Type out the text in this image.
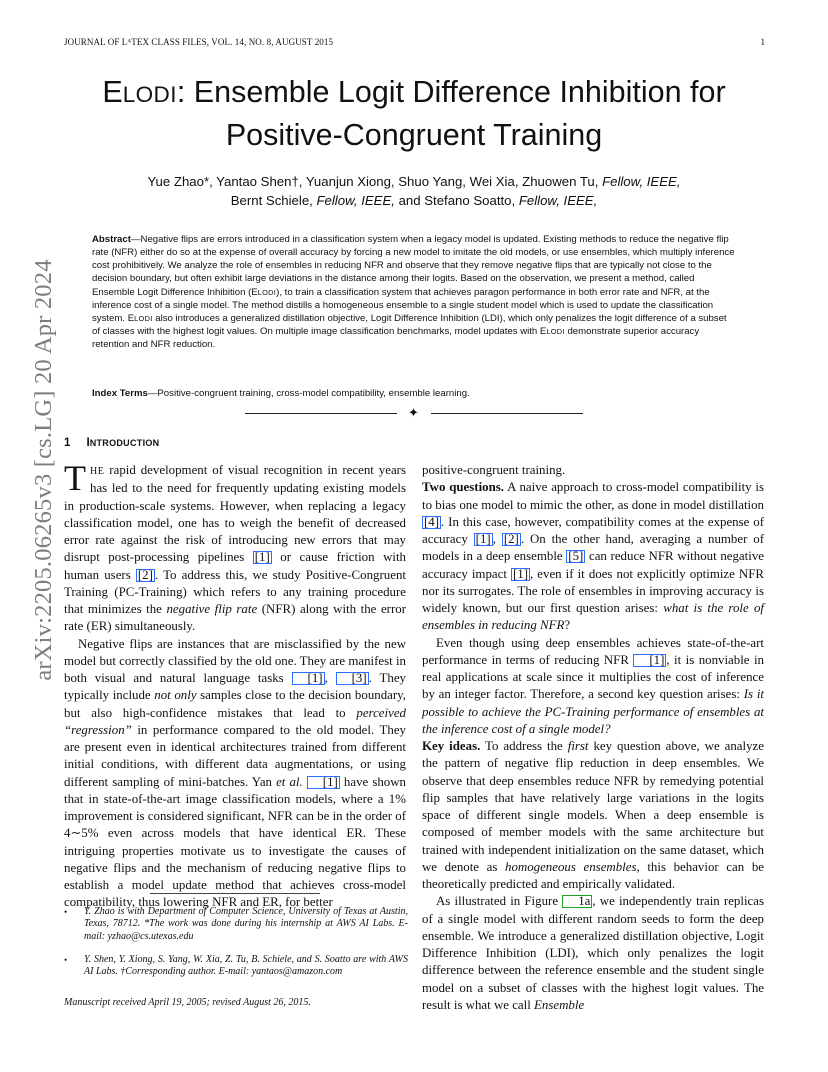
JOURNAL OF LᴬTEX CLASS FILES, VOL. 14, NO. 8, AUGUST 2015	1
arXiv:2205.06265v3 [cs.LG] 20 Apr 2024
ELODI: Ensemble Logit Difference Inhibition for
Positive-Congruent Training
Yue Zhao*, Yantao Shen†, Yuanjun Xiong, Shuo Yang, Wei Xia, Zhuowen Tu, Fellow, IEEE,
Bernt Schiele, Fellow, IEEE, and Stefano Soatto, Fellow, IEEE,
Abstract—Negative flips are errors introduced in a classification system when a legacy model is updated. Existing methods to reduce the negative flip rate (NFR) either do so at the expense of overall accuracy by forcing a new model to imitate the old models, or use ensembles, which multiply inference cost prohibitively. We analyze the role of ensembles in reducing NFR and observe that they remove negative flips that are typically not close to the decision boundary, but often exhibit large deviations in the distance among their logits. Based on the observation, we present a method, called Ensemble Logit Difference Inhibition (ELODI), to train a classification system that achieves paragon performance in both error rate and NFR, at the inference cost of a single model. The method distills a homogeneous ensemble to a single student model which is used to update the classification system. ELODI also introduces a generalized distillation objective, Logit Difference Inhibition (LDI), which only penalizes the logit difference of a subset of classes with the highest logit values. On multiple image classification benchmarks, model updates with ELODI demonstrate superior accuracy retention and NFR reduction.
Index Terms—Positive-congruent training, cross-model compatibility, ensemble learning.
✦
1 INTRODUCTION

THE rapid development of visual recognition in recent years has led to the need for frequently updating existing models in production-scale systems. However, when replacing a legacy classification model, one has to weigh the benefit of decreased error rate against the risk of introducing new errors that may disrupt post-processing pipelines [1] or cause friction with human users [2] . To address this, we study Positive-Congruent Training (PC-Training) which refers to any training procedure that minimizes the negative flip rate (NFR) along with the error rate (ER) simultaneously.

Negative flips are instances that are misclassified by the new model but correctly classified by the old one. They are manifest in both visual and natural language tasks [1] , [3] . They typically include not only samples close to the decision boundary, but also high-confidence mistakes that lead to perceived “regression” in performance compared to the old model. They are present even in identical architectures trained from different initial conditions, with different data augmentations, or using different sampling of mini-batches. Yan et al. [1] have shown that in state-of-the-art image classification models, where a 1% improvement is considered significant, NFR can be in the order of 4∼5% even across models that have identical ER. These intriguing properties motivate us to investigate the causes of negative flips and the mechanism of reducing negative flips to establish a model update method that achieves cross-model compatibility, thus lowering NFR and ER, for better

positive-congruent training.

Two questions. A naive approach to cross-model compatibility is to bias one model to mimic the other, as done in model distillation [4] . In this case, however, compatibility comes at the expense of accuracy [1] , [2] . On the other hand, averaging a number of models in a deep ensemble [5] can reduce NFR without negative accuracy impact [1] , even if it does not explicitly optimize NFR nor its surrogates. The role of ensembles in improving accuracy is widely known, but our first question arises: what is the role of ensembles in reducing NFR?

Even though using deep ensembles achieves state-of-the-art performance in terms of reducing NFR [1] , it is nonviable in real applications at scale since it multiplies the cost of inference by an integer factor. Therefore, a second key question arises: Is it possible to achieve the PC-Training performance of ensembles at the inference cost of a single model?

Key ideas. To address the first key question above, we analyze the pattern of negative flip reduction in deep ensembles. We observe that deep ensembles reduce NFR by remedying potential flip samples that have relatively large variations in the logits space of different single models. When a deep ensemble is composed of member models with the same architecture but trained with independent initialization on the same dataset, which we denote as homogeneous ensembles, this behavior can be theoretically predicted and empirically validated.

As illustrated in Figure 1a , we independently train replicas of a single model with different random seeds to form the deep ensemble. We introduce a generalized distillation objective, Logit Difference Inhibition (LDI), which only penalizes the logit difference between the reference ensemble and the student single model on a subset of classes with the highest logit values. The result is what we call Ensemble

• Y. Zhao is with Department of Computer Science, University of Texas at Austin, Texas, 78712. *The work was done during his internship at AWS AI Labs. E-mail: yzhao@cs.utexas.edu
• Y. Shen, Y. Xiong, S. Yang, W. Xia, Z. Tu, B. Schiele, and S. Soatto are with AWS AI Labs. †Corresponding author. E-mail: yantaos@amazon.com
Manuscript received April 19, 2005; revised August 26, 2015.
